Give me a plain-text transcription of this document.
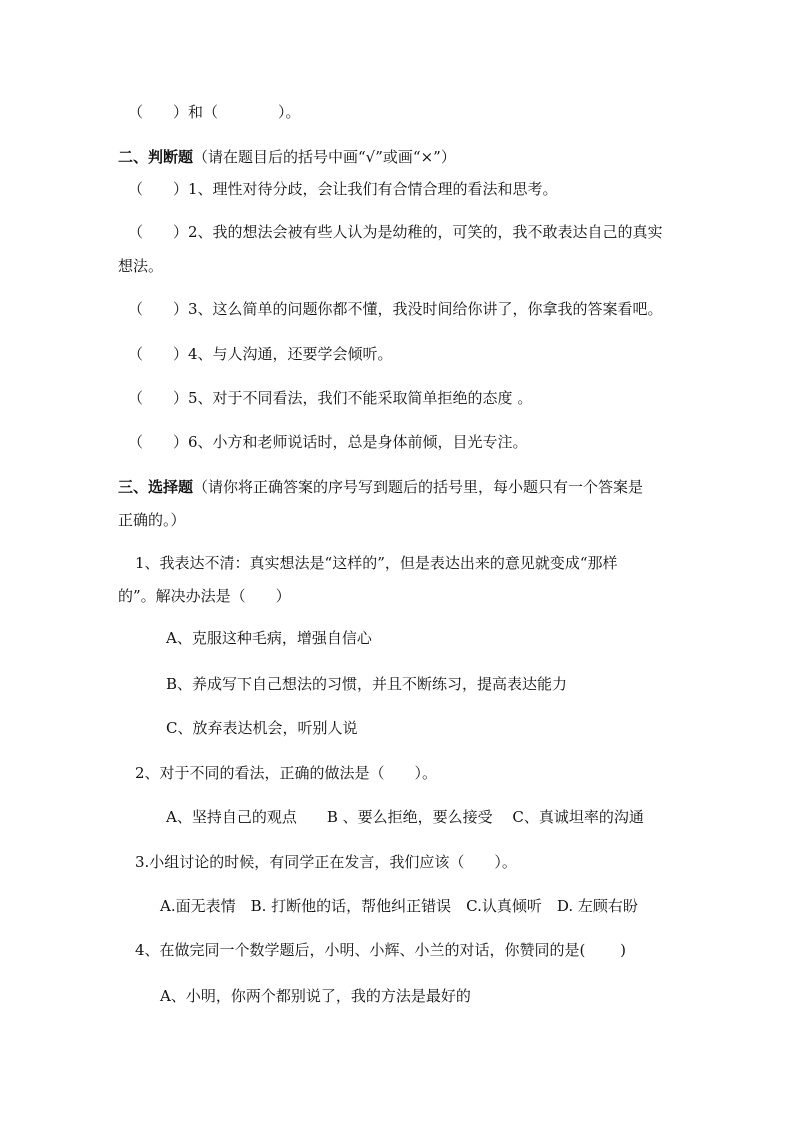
（　　）和（　　　　）。

二、判断题（请在题目后的括号中画“√”或画“×”）

（　　）1、理性对待分歧，会让我们有合情合理的看法和思考。

（　　）2、我的想法会被有些人认为是幼稚的，可笑的，我不敢表达自己的真实

想法。

（　　）3、这么简单的问题你都不懂，我没时间给你讲了，你拿我的答案看吧。

（　　）4、与人沟通，还要学会倾听。

（　　）5、对于不同看法，我们不能采取简单拒绝的态度 。

（　　）6、小方和老师说话时，总是身体前倾，目光专注。

三、选择题（请你将正确答案的序号写到题后的括号里，每小题只有一个答案是

正确的。）

1、我表达不清：真实想法是“这样的”，但是表达出来的意见就变成“那样

的”。解决办法是（　　）

A、克服这种毛病，增强自信心

B、养成写下自己想法的习惯，并且不断练习，提高表达能力

C、放弃表达机会，听别人说

2、对于不同的看法，正确的做法是（　　）。

A、坚持自己的观点　　B 、要么拒绝，要么接受　 C、真诚坦率的沟通

3.小组讨论的时候，有同学正在发言，我们应该（　　）。

A.面无表情　B. 打断他的话，帮他纠正错误　C.认真倾听　D. 左顾右盼

4、在做完同一个数学题后，小明、小辉、小兰的对话，你赞同的是(　　 )

A、小明，你两个都别说了，我的方法是最好的
